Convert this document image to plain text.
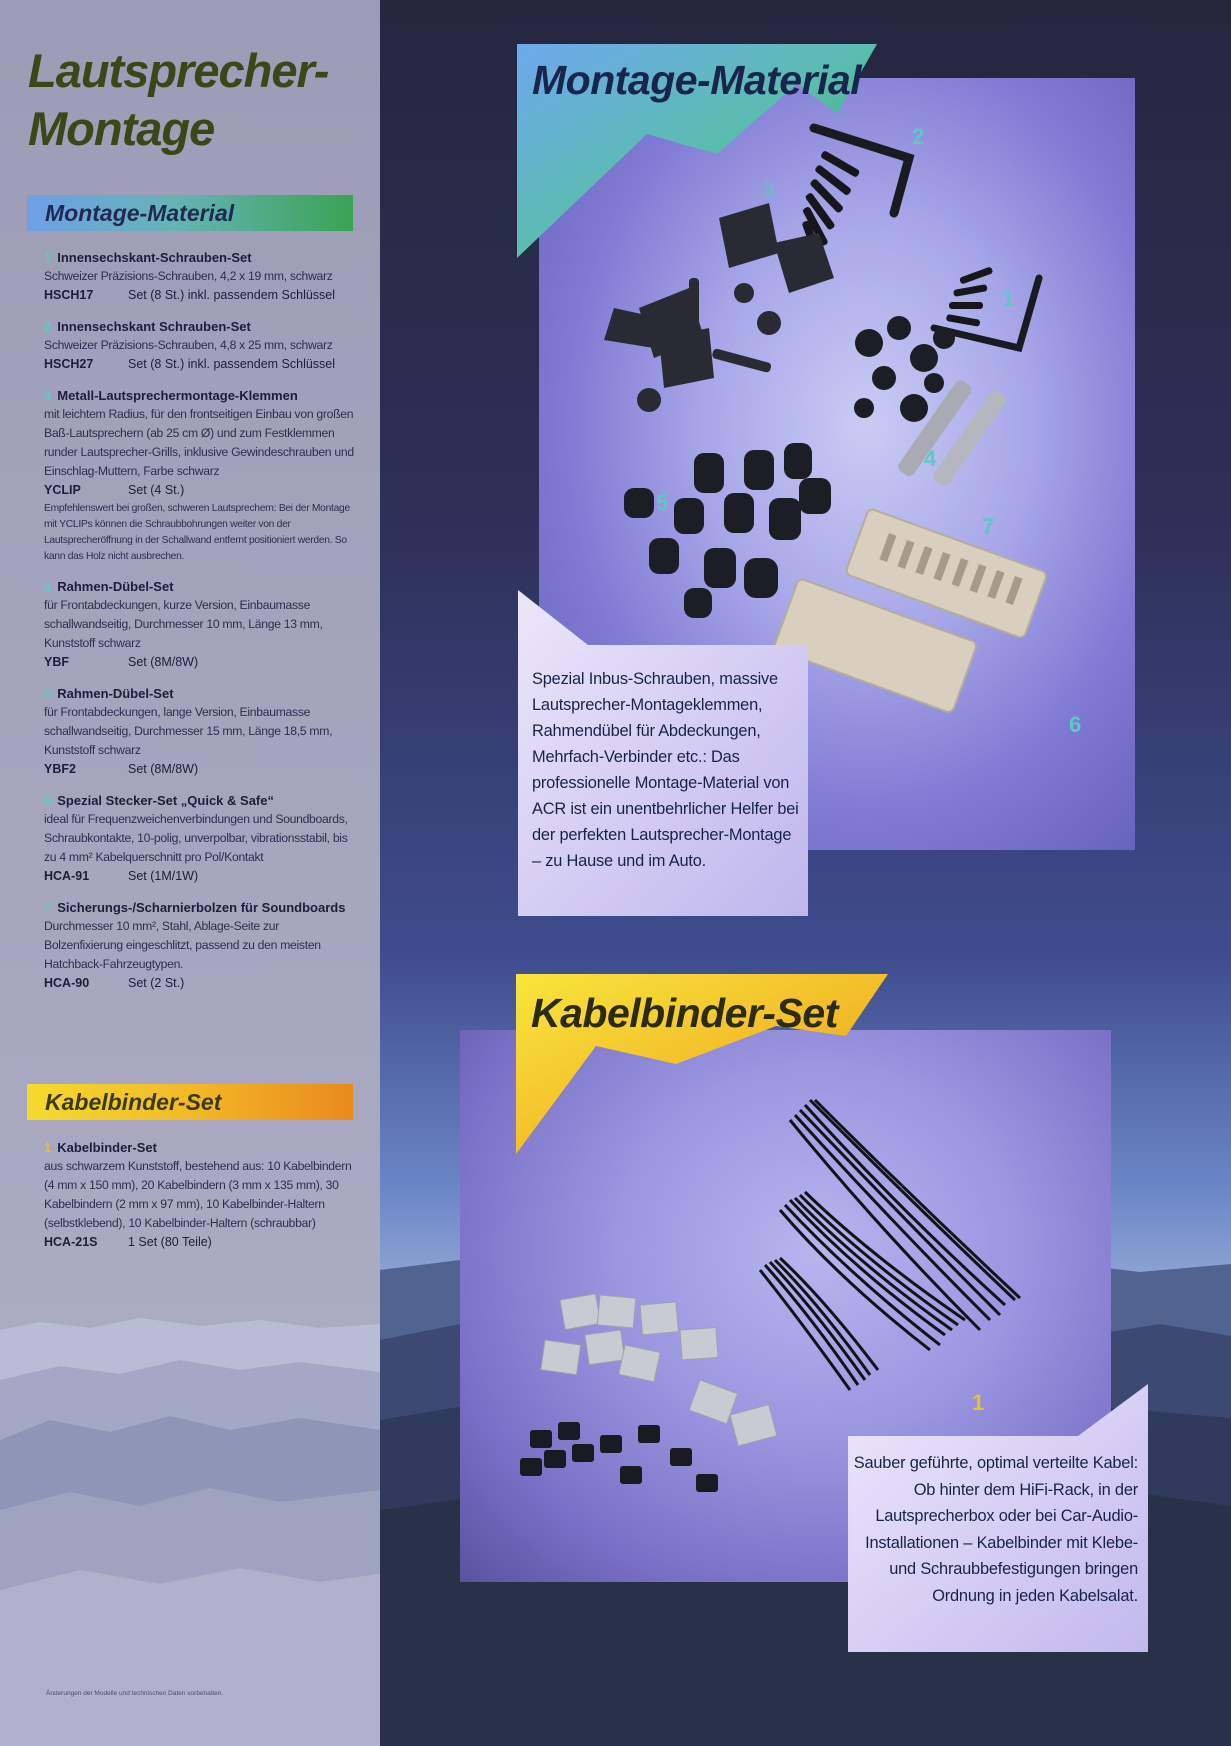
Lautsprecher-
Montage
Montage-Material
1 Innensechskant-Schrauben-Set
Schweizer Präzisions-Schrauben, 4,2 x 19 mm, schwarz
HSCH17	Set (8 St.) inkl. passendem Schlüssel
2 Innensechskant Schrauben-Set
Schweizer Präzisions-Schrauben, 4,8 x 25 mm, schwarz
HSCH27	Set (8 St.) inkl. passendem Schlüssel
3 Metall-Lautsprechermontage-Klemmen
mit leichtem Radius, für den frontseitigen Einbau von großen Baß-Lautsprechern (ab 25 cm Ø) und zum Festklemmen runder Lautsprecher-Grills, inklusive Gewindeschrauben und Einschlag-Muttern, Farbe schwarz
YCLIP	Set (4 St.)
Empfehlenswert bei großen, schweren Lautsprechern: Bei der Montage mit YCLIPs können die Schraubbohrungen weiter von der Lautsprecheröffnung in der Schallwand entfernt positioniert werden. So kann das Holz nicht ausbrechen.
4 Rahmen-Dübel-Set
für Frontabdeckungen, kurze Version, Einbaumasse schallwandseitig, Durchmesser 10 mm, Länge 13 mm, Kunststoff schwarz
YBF	Set (8M/8W)
5 Rahmen-Dübel-Set
für Frontabdeckungen, lange Version, Einbaumasse schallwandseitig, Durchmesser 15 mm, Länge 18,5 mm, Kunststoff schwarz
YBF2	Set (8M/8W)
6 Spezial Stecker-Set „Quick & Safe“
ideal für Frequenzweichenverbindungen und Soundboards, Schraubkontakte, 10-polig, unverpolbar, vibrationsstabil, bis zu 4 mm² Kabelquerschnitt pro Pol/Kontakt
HCA-91	Set (1M/1W)
7 Sicherungs-/Scharnierbolzen für Soundboards
Durchmesser 10 mm², Stahl, Ablage-Seite zur Bolzenfixierung eingeschlitzt, passend zu den meisten Hatchback-Fahrzeugtypen.
HCA-90	Set (2 St.)
Kabelbinder-Set
1 Kabelbinder-Set
aus schwarzem Kunststoff, bestehend aus: 10 Kabelbindern (4 mm x 150 mm), 20 Kabelbindern (3 mm x 135 mm), 30 Kabelbindern (2 mm x 97 mm), 10 Kabelbinder-Haltern (selbstklebend), 10 Kabelbinder-Haltern (schraubbar)
HCA-21S 1 Set (80 Teile)
Änderungen der Modelle und technischen Daten vorbehalten.
Montage-Material
2
1
3
4
5
7
6
Spezial Inbus-Schrauben, massive Lautsprecher-Montageklemmen, Rahmendübel für Abdeckungen, Mehrfach-Verbinder etc.: Das professionelle Montage-Material von ACR ist ein unentbehrlicher Helfer bei der perfekten Lautsprecher-Montage – zu Hause und im Auto.
Kabelbinder-Set
1
Sauber geführte, optimal verteilte Kabel: Ob hinter dem HiFi-Rack, in der Lautsprecherbox oder bei Car-Audio-Installationen – Kabelbinder mit Klebe- und Schraubbefestigungen bringen Ordnung in jeden Kabelsalat.
